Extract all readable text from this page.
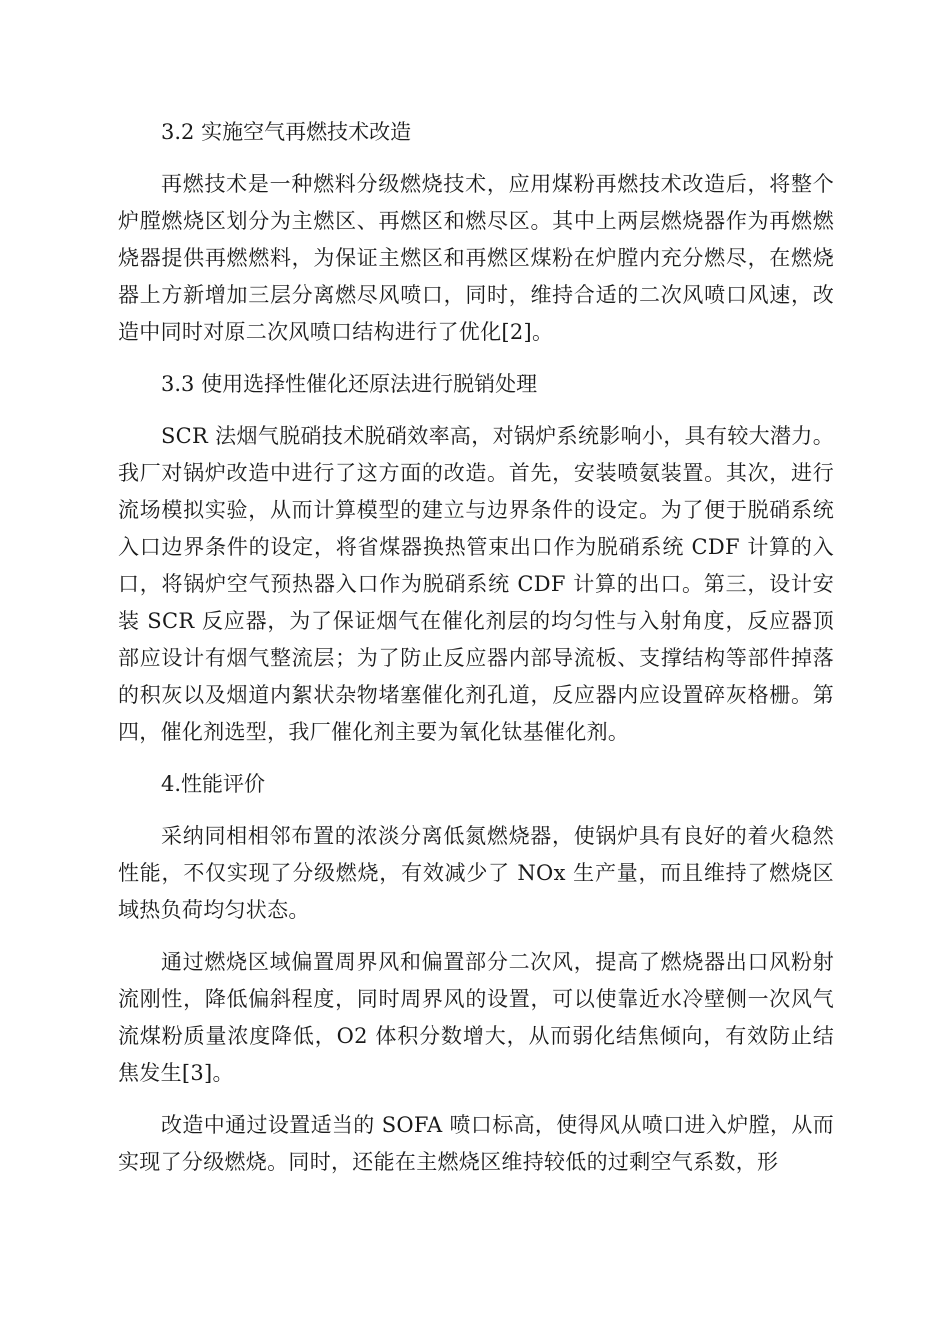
3.2 实施空气再燃技术改造

再燃技术是一种燃料分级燃烧技术，应用煤粉再燃技术改造后，将整个炉膛燃烧区划分为主燃区、再燃区和燃尽区。其中上两层燃烧器作为再燃燃烧器提供再燃燃料，为保证主燃区和再燃区煤粉在炉膛内充分燃尽，在燃烧器上方新增加三层分离燃尽风喷口，同时，维持合适的二次风喷口风速，改造中同时对原二次风喷口结构进行了优化[2]。

3.3 使用选择性催化还原法进行脱销处理

SCR 法烟气脱硝技术脱硝效率高，对锅炉系统影响小，具有较大潜力。我厂对锅炉改造中进行了这方面的改造。首先，安装喷氨装置。其次，进行流场模拟实验，从而计算模型的建立与边界条件的设定。为了便于脱硝系统入口边界条件的设定，将省煤器换热管束出口作为脱硝系统 CDF 计算的入口，将锅炉空气预热器入口作为脱硝系统 CDF 计算的出口。第三，设计安装 SCR 反应器，为了保证烟气在催化剂层的均匀性与入射角度，反应器顶部应设计有烟气整流层；为了防止反应器内部导流板、支撑结构等部件掉落的积灰以及烟道内絮状杂物堵塞催化剂孔道，反应器内应设置碎灰格栅。第四，催化剂选型，我厂催化剂主要为氧化钛基催化剂。

4.性能评价

采纳同相相邻布置的浓淡分离低氮燃烧器，使锅炉具有良好的着火稳然性能，不仅实现了分级燃烧，有效减少了 NOx 生产量，而且维持了燃烧区域热负荷均匀状态。

通过燃烧区域偏置周界风和偏置部分二次风，提高了燃烧器出口风粉射流刚性，降低偏斜程度，同时周界风的设置，可以使靠近水冷壁侧一次风气流煤粉质量浓度降低，O2 体积分数增大，从而弱化结焦倾向，有效防止结焦发生[3]。

改造中通过设置适当的 SOFA 喷口标高，使得风从喷口进入炉膛，从而实现了分级燃烧。同时，还能在主燃烧区维持较低的过剩空气系数，形
